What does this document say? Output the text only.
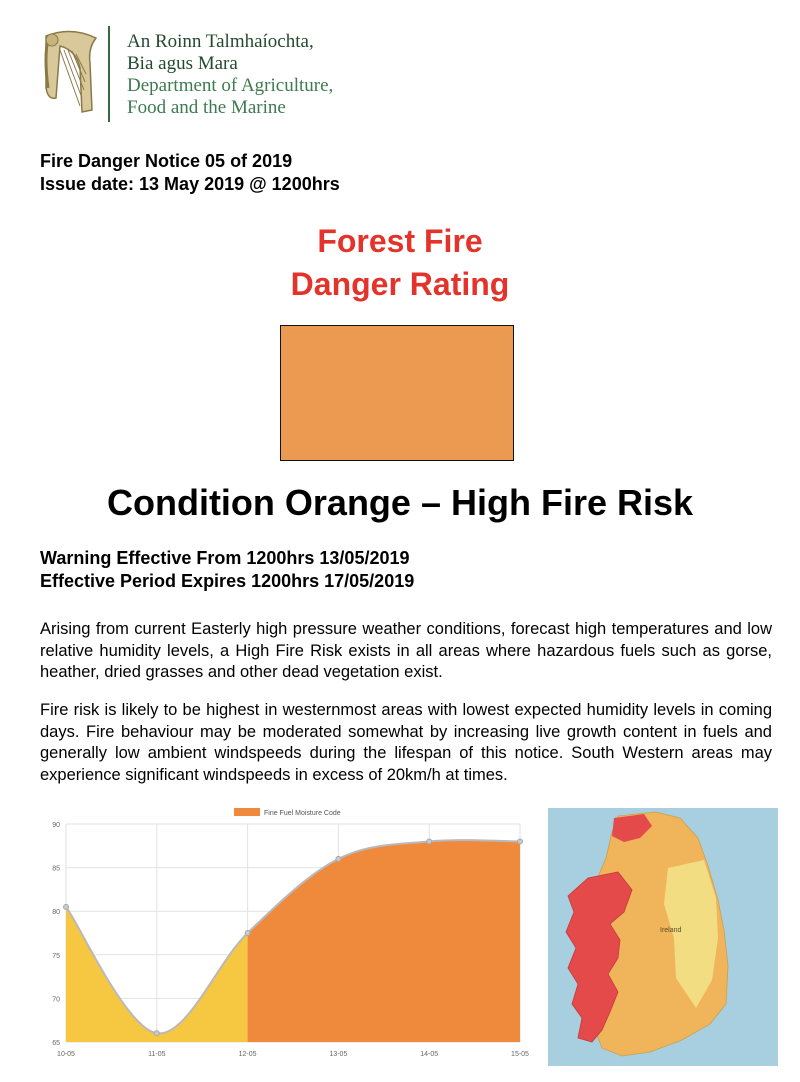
An Roinn Talmhaíochta,
Bia agus Mara
Department of Agriculture,
Food and the Marine
Fire Danger Notice 05 of 2019
Issue date: 13 May 2019 @ 1200hrs
Forest Fire
Danger Rating
Condition Orange – High Fire Risk
Warning Effective From 1200hrs 13/05/2019
Effective Period Expires 1200hrs 17/05/2019
Arising from current Easterly high pressure weather conditions, forecast high temperatures and low relative humidity levels, a High Fire Risk exists in all areas where hazardous fuels such as gorse, heather, dried grasses and other dead vegetation exist.
Fire risk is likely to be highest in westernmost areas with lowest expected humidity levels in coming days. Fire behaviour may be moderated somewhat by increasing live growth content in fuels and generally low ambient windspeeds during the lifespan of this notice. South Western areas may experience significant windspeeds in excess of 20km/h at times.
65
70
75
80
85
90
10-05	11-05	12-05	13-05	14-05	15-05
Fine Fuel Moisture Code
Ireland
